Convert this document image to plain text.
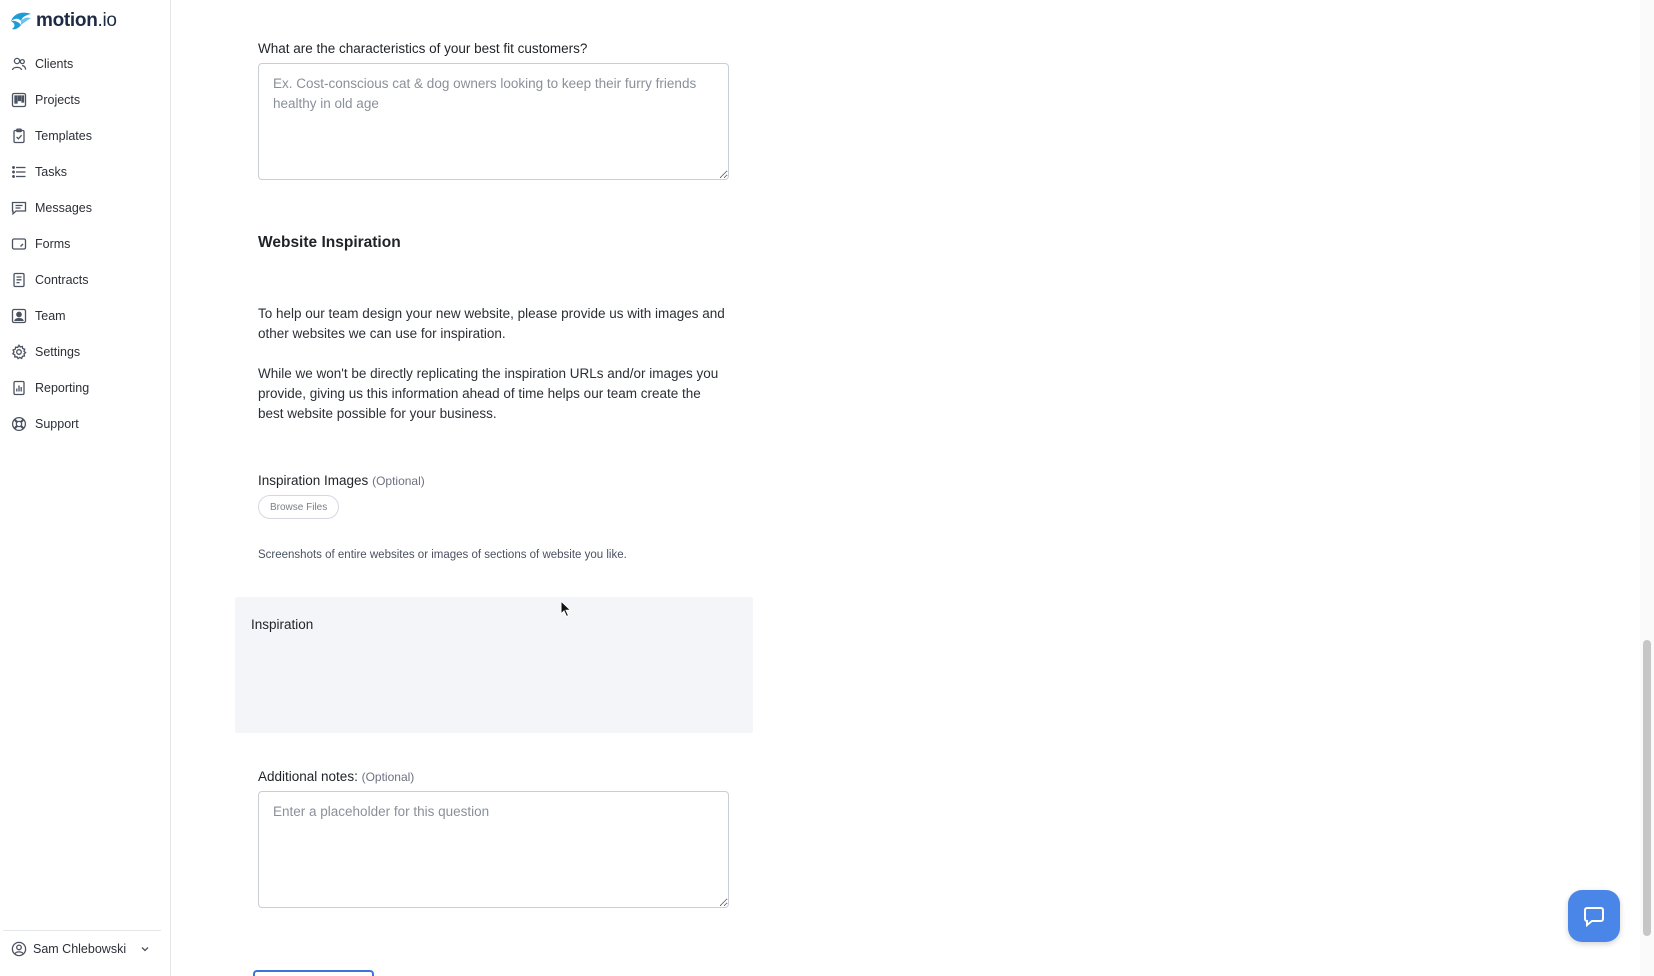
motion.io
Clients
Projects
Templates
Tasks
Messages
Forms
Contracts
Team
Settings
Reporting
Support
Sam Chlebowski
What are the characteristics of your best fit customers?
Ex. Cost-conscious cat & dog owners looking to keep their furry friends healthy in old age
Website Inspiration

To help our team design your new website, please provide us with images and other websites we can use for inspiration.

While we won't be directly replicating the inspiration URLs and/or images you provide, giving us this information ahead of time helps our team create the best website possible for your business.

Inspiration Images (Optional)
Browse Files
Screenshots of entire websites or images of sections of website you like.
Inspiration
Additional notes: (Optional)
Enter a placeholder for this question
